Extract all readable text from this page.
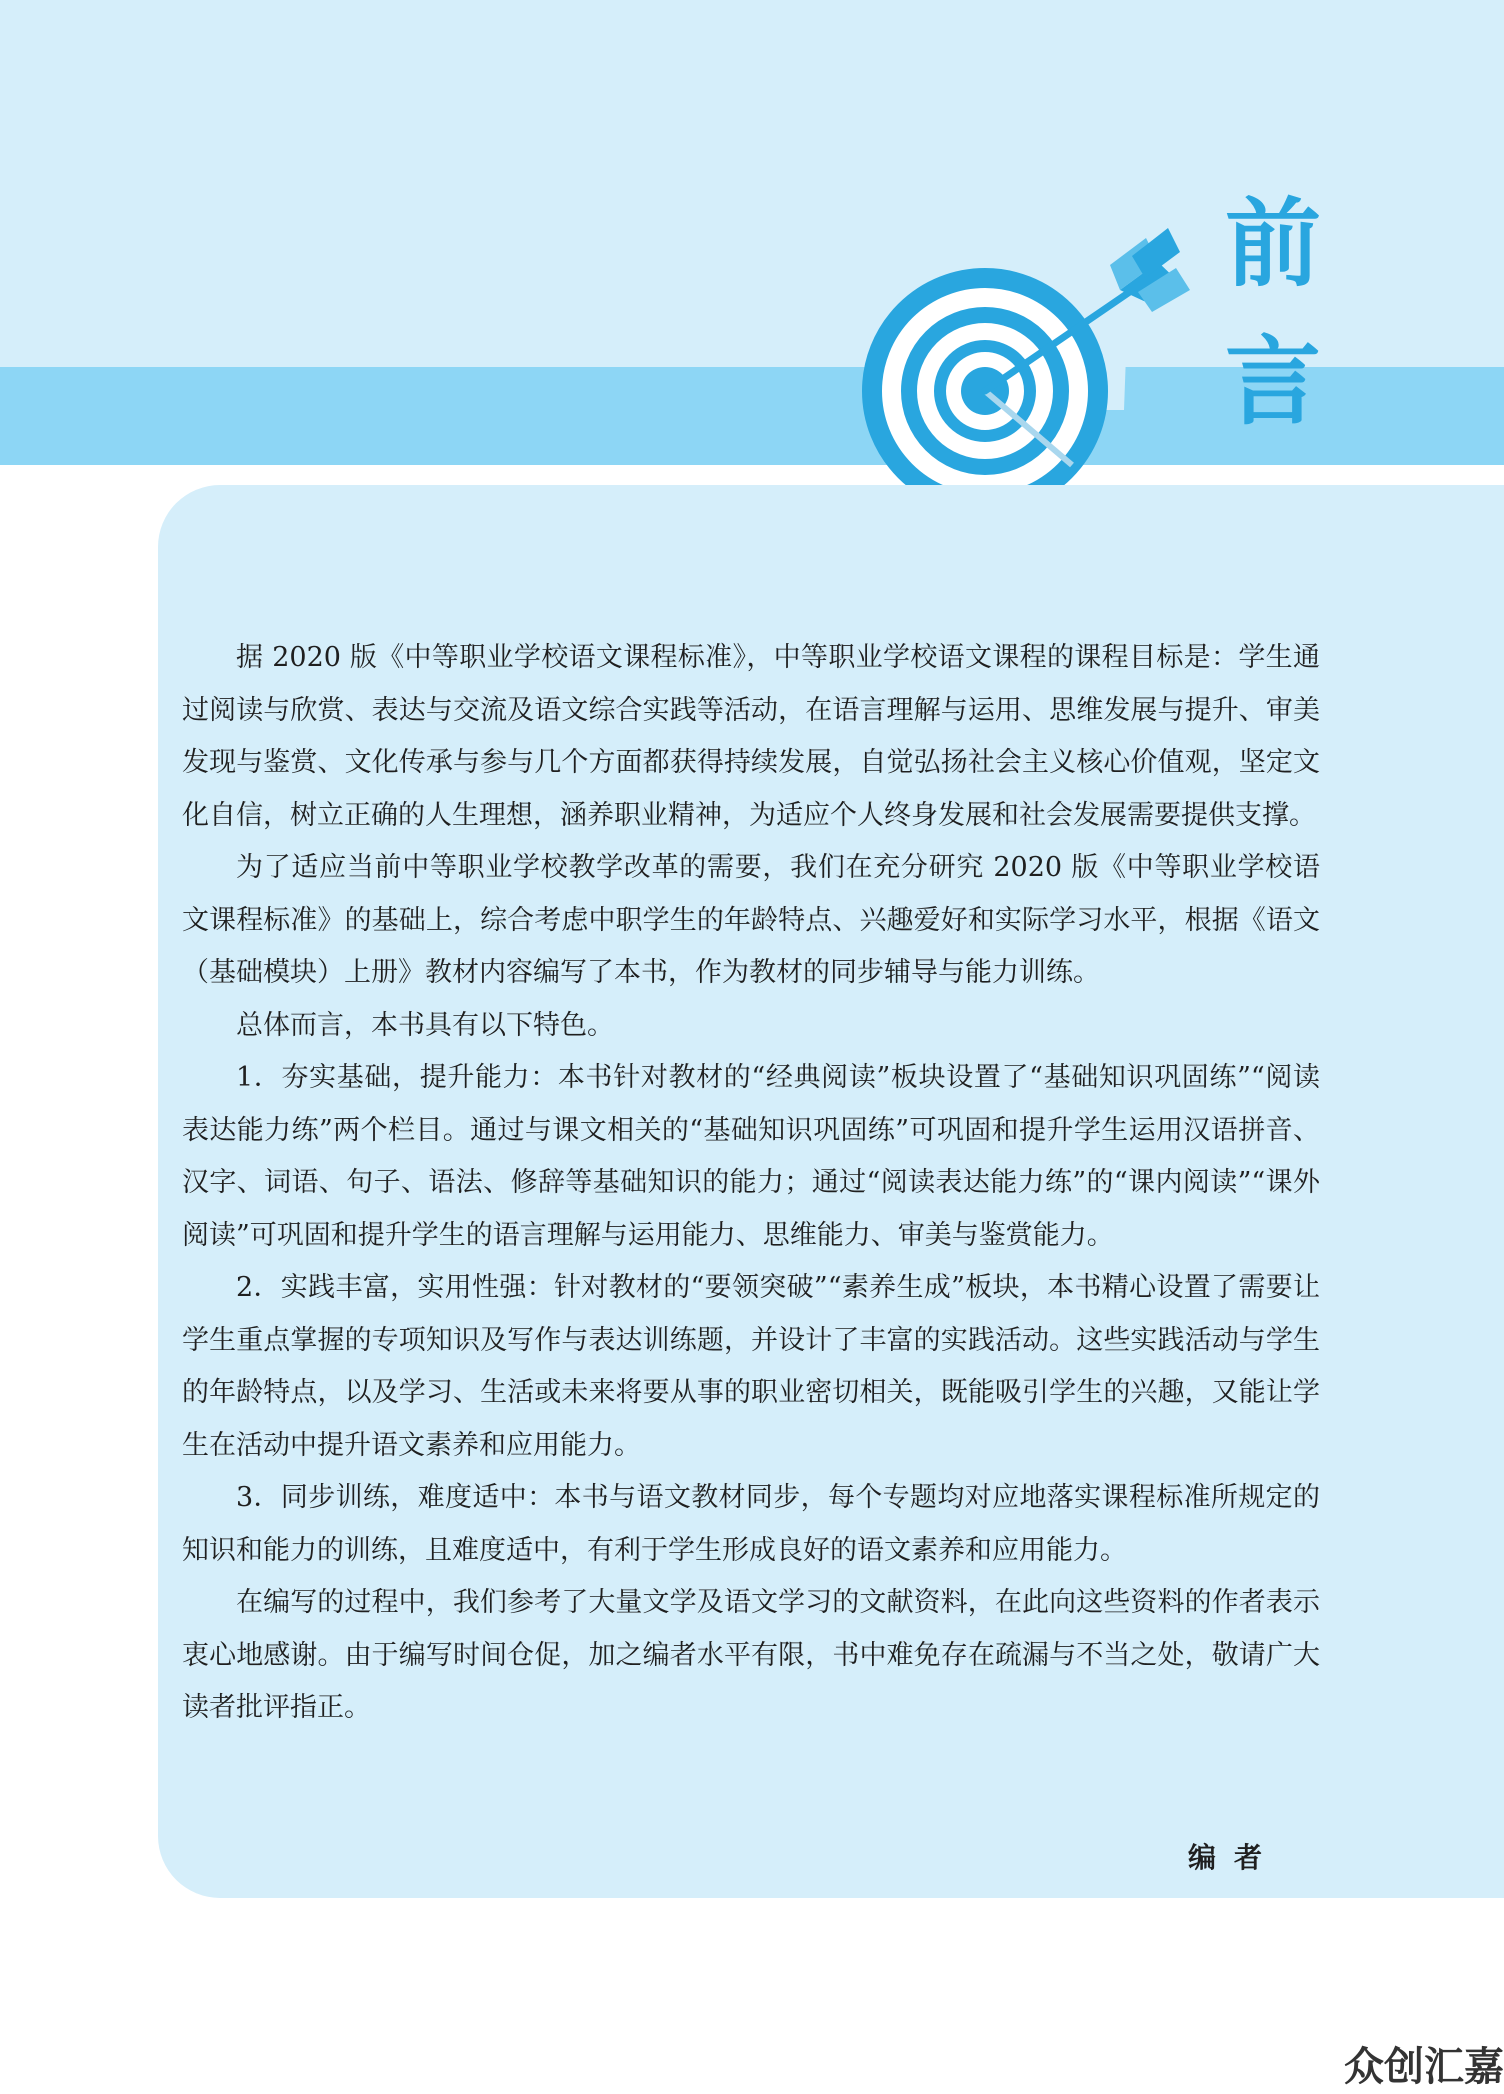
前
言

据 2020 版《中等职业学校语文课程标准》，中等职业学校语文课程的课程目标是：学生通过阅读与欣赏、表达与交流及语文综合实践等活动，在语言理解与运用、思维发展与提升、审美发现与鉴赏、文化传承与参与几个方面都获得持续发展，自觉弘扬社会主义核心价值观，坚定文化自信，树立正确的人生理想，涵养职业精神，为适应个人终身发展和社会发展需要提供支撑。

为了适应当前中等职业学校教学改革的需要，我们在充分研究 2020 版《中等职业学校语文课程标准》的基础上，综合考虑中职学生的年龄特点、兴趣爱好和实际学习水平，根据《语文（基础模块）上册》教材内容编写了本书，作为教材的同步辅导与能力训练。

总体而言，本书具有以下特色。

1．夯实基础，提升能力：本书针对教材的“经典阅读”板块设置了“基础知识巩固练”“阅读表达能力练”两个栏目。通过与课文相关的“基础知识巩固练”可巩固和提升学生运用汉语拼音、汉字、词语、句子、语法、修辞等基础知识的能力；通过“阅读表达能力练”的“课内阅读”“课外阅读”可巩固和提升学生的语言理解与运用能力、思维能力、审美与鉴赏能力。

2．实践丰富，实用性强：针对教材的“要领突破”“素养生成”板块，本书精心设置了需要让学生重点掌握的专项知识及写作与表达训练题，并设计了丰富的实践活动。这些实践活动与学生的年龄特点，以及学习、生活或未来将要从事的职业密切相关，既能吸引学生的兴趣，又能让学生在活动中提升语文素养和应用能力。

3．同步训练，难度适中：本书与语文教材同步，每个专题均对应地落实课程标准所规定的知识和能力的训练，且难度适中，有利于学生形成良好的语文素养和应用能力。

在编写的过程中，我们参考了大量文学及语文学习的文献资料，在此向这些资料的作者表示衷心地感谢。由于编写时间仓促，加之编者水平有限，书中难免存在疏漏与不当之处，敬请广大读者批评指正。

编者
众创汇嘉
